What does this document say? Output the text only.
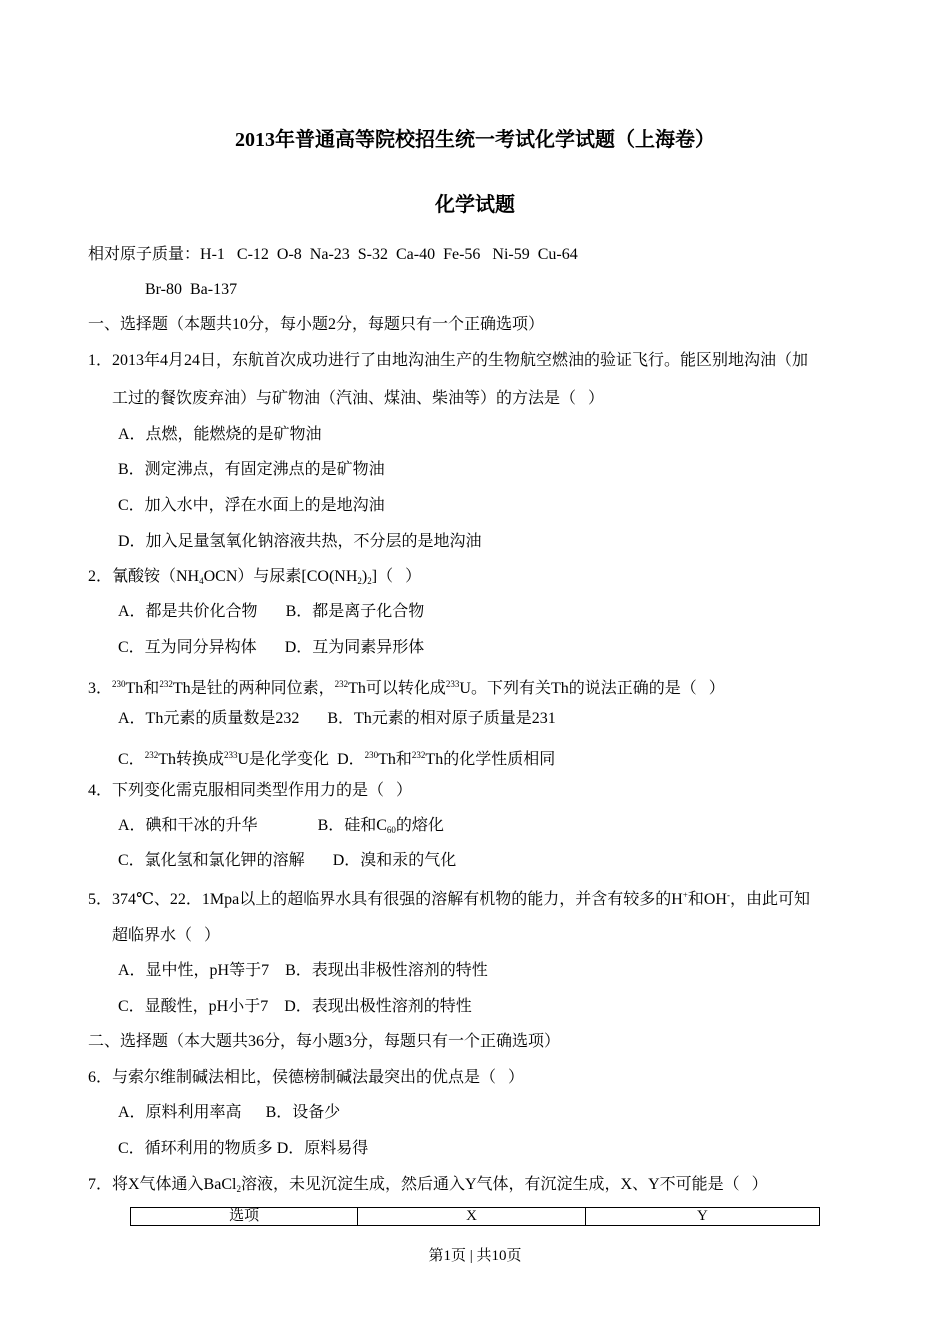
2013年普通高等院校招生统一考试化学试题（上海卷）
化学试题
相对原子质量：H-1   C-12  O-8  Na-23  S-32  Ca-40  Fe-56   Ni-59  Cu-64
Br-80  Ba-137
一、选择题（本题共10分，每小题2分，每题只有一个正确选项）
1．2013年4月24日，东航首次成功进行了由地沟油生产的生物航空燃油的验证飞行。能区别地沟油（加
工过的餐饮废弃油）与矿物油（汽油、煤油、柴油等）的方法是（   ）
A．点燃，能燃烧的是矿物油
B．测定沸点，有固定沸点的是矿物油
C．加入水中，浮在水面上的是地沟油
D．加入足量氢氧化钠溶液共热，不分层的是地沟油
2．氰酸铵$(NH_4OCN)$与尿素$[CO(NH_2)_2]$（   ）
A．都是共价化合物 B．都是离子化合物
C．互为同分异构体 D．互为同素异形体
3．$^{230}$Th和$^{232}$Th是钍的两种同位素，$^{232}$Th可以转化成$^{233}$U。下列有关Th的说法正确的是（   ）
A．Th元素的质量数是232 B．Th元素的相对原子质量是231
C．$^{232}$Th转换成$^{233}$U是化学变化 D．$^{230}$Th和$^{232}$Th的化学性质相同
4．下列变化需克服相同类型作用力的是（   ）
A．碘和干冰的升华	B．硅和$C_{60}$的熔化
C．氯化氢和氯化钾的溶解 D．溴和汞的气化
5．374℃、22．1Mpa以上的超临界水具有很强的溶解有机物的能力，并含有较多的H+和OH-，由此可知
超临界水（   ）
A．显中性，pH等于7 B．表现出非极性溶剂的特性
C．显酸性，pH小于7 D．表现出极性溶剂的特性
二、选择题（本大题共36分，每小题3分，每题只有一个正确选项）
6．与索尔维制碱法相比，侯德榜制碱法最突出的优点是（   ）
A．原料利用率高 B．设备少
C．循环利用的物质多 D．原料易得
7．将X气体通入BaCl$_2$溶液，未见沉淀生成，然后通入Y气体，有沉淀生成，X、Y不可能是（   ）
选项	X	Y
第1页 | 共10页
